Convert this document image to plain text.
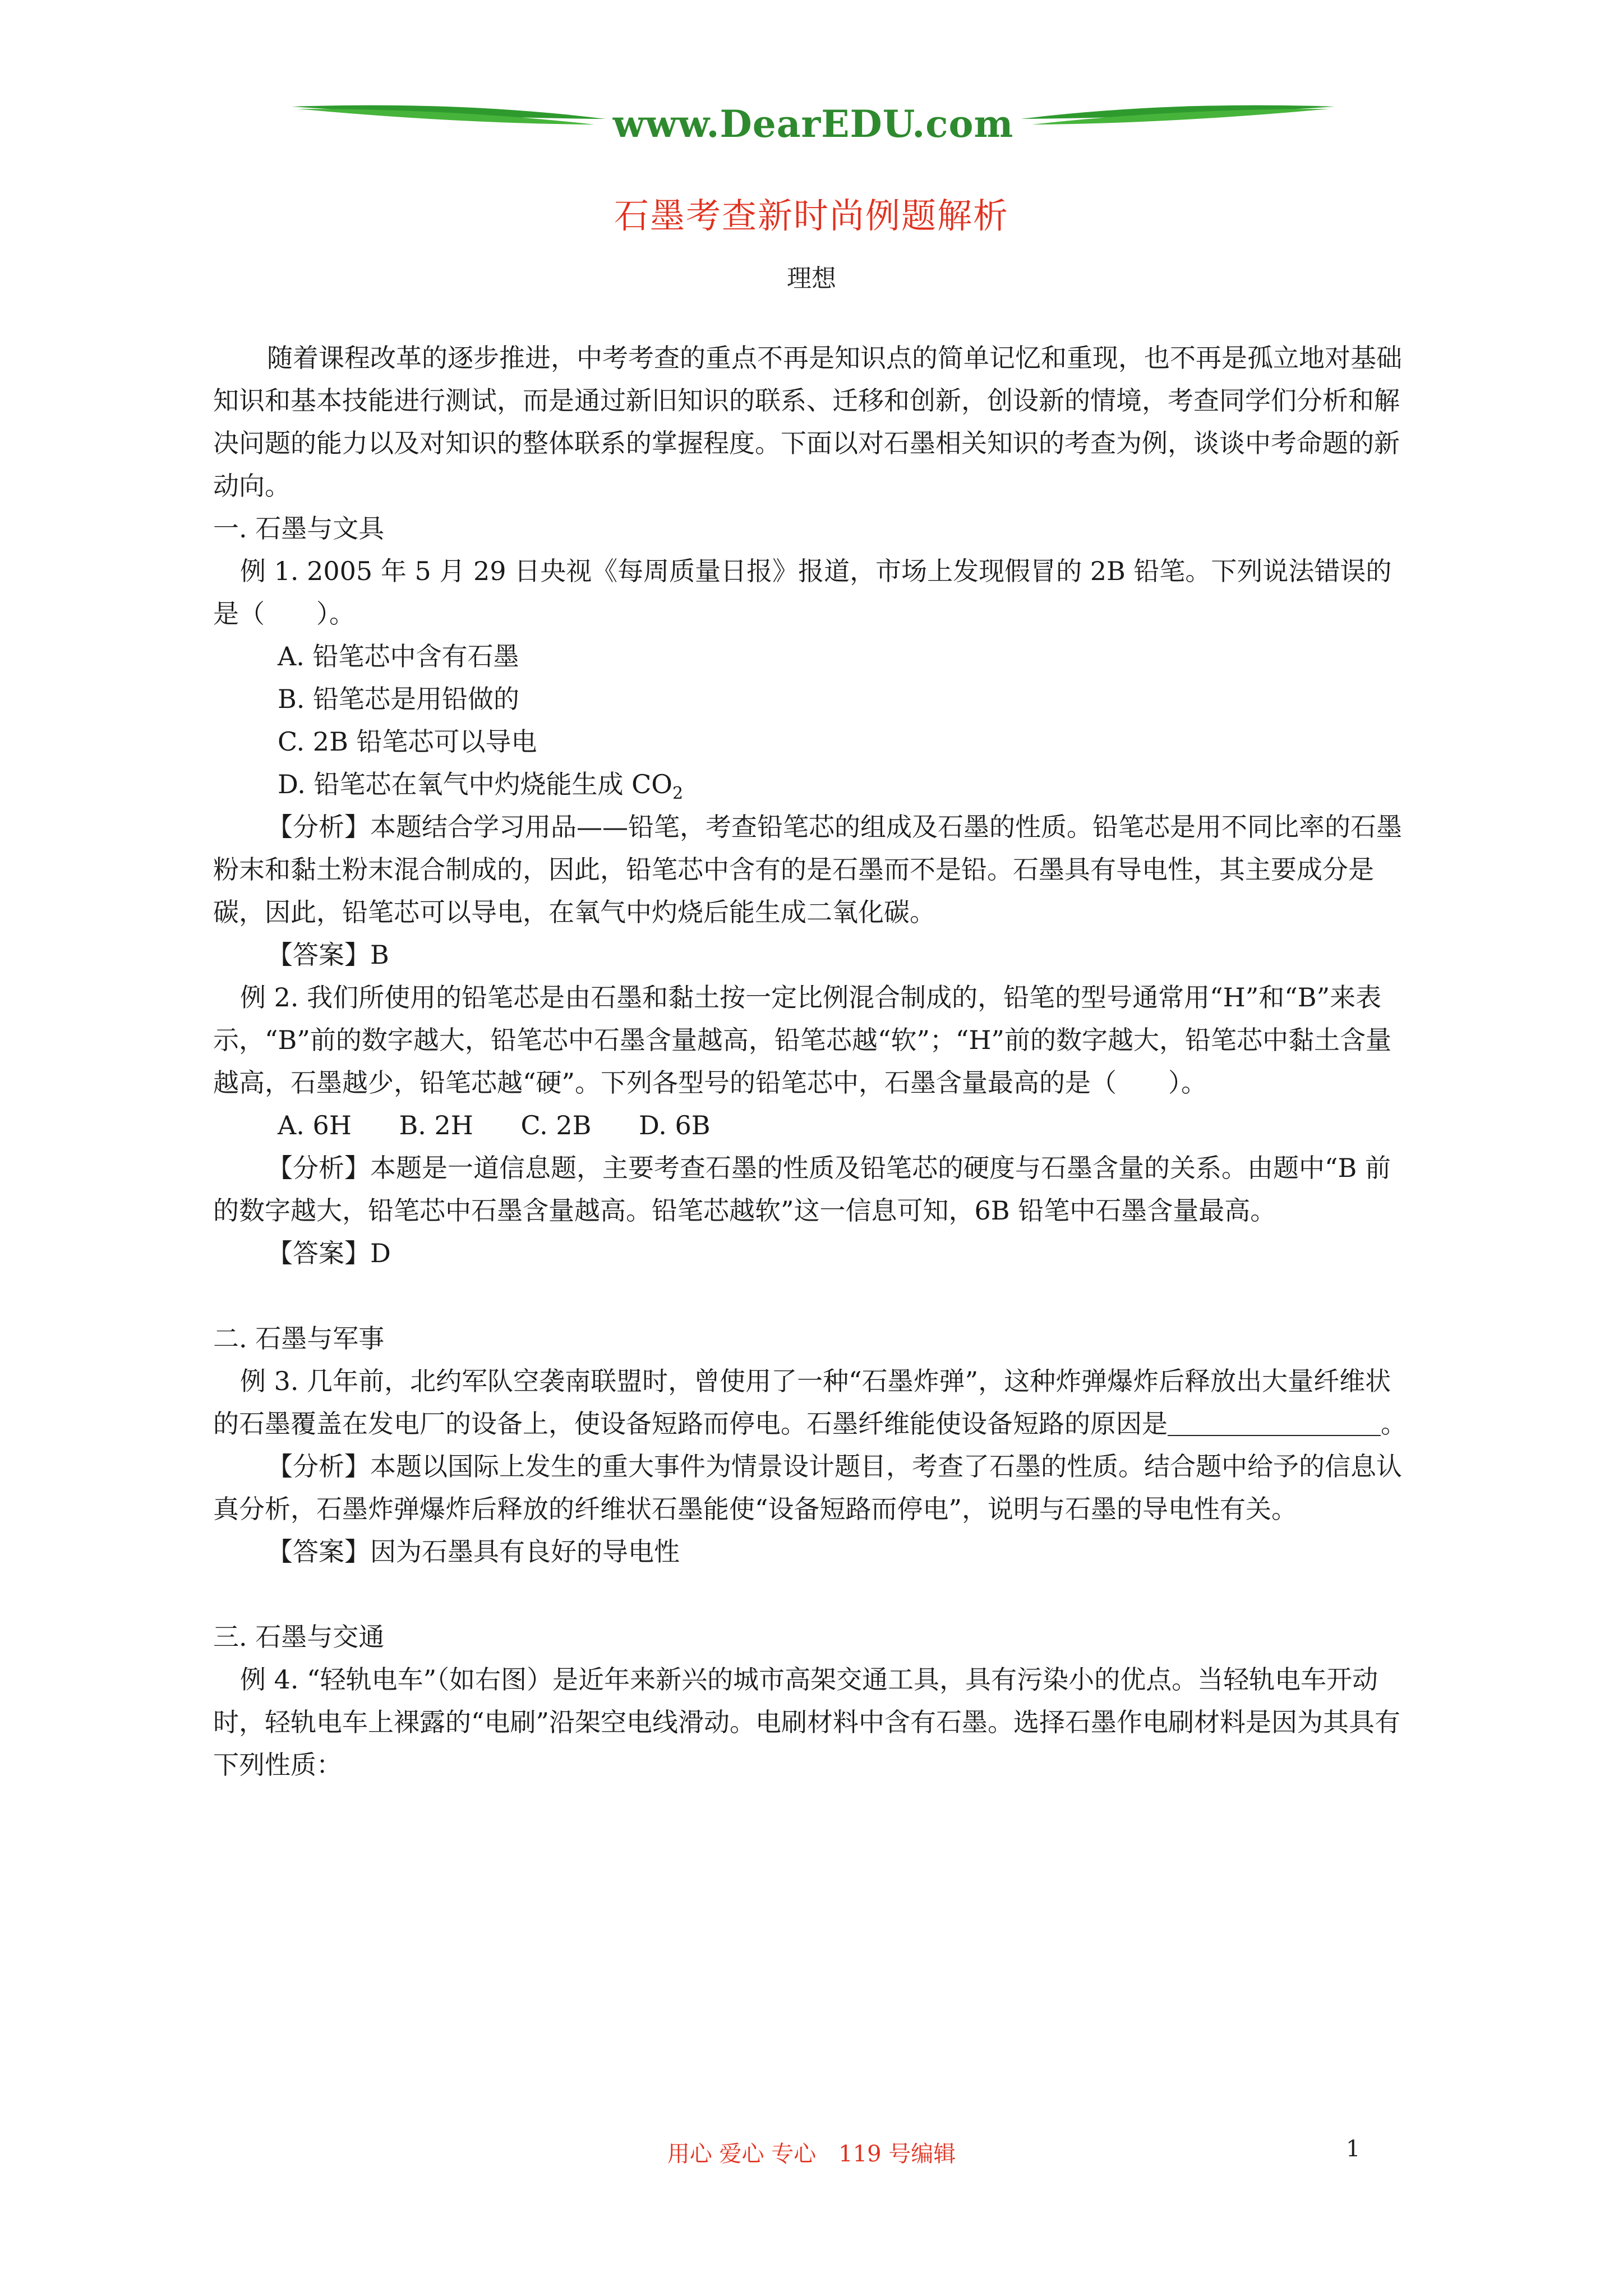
www.DearEDU.com
石墨考查新时尚例题解析
理想

随着课程改革的逐步推进，中考考查的重点不再是知识点的简单记忆和重现，也不再是孤立地对基础知识和基本技能进行测试，而是通过新旧知识的联系、迁移和创新，创设新的情境，考查同学们分析和解决问题的能力以及对知识的整体联系的掌握程度。下面以对石墨相关知识的考查为例，谈谈中考命题的新动向。

一. 石墨与文具

例 1. 2005 年 5 月 29 日央视《每周质量日报》报道，市场上发现假冒的 2B 铅笔。下列说法错误的是（　　）。

A. 铅笔芯中含有石墨

B. 铅笔芯是用铅做的

C. 2B 铅笔芯可以导电

D. 铅笔芯在氧气中灼烧能生成 $CO_2$

【分析】本题结合学习用品——铅笔，考查铅笔芯的组成及石墨的性质。铅笔芯是用不同比率的石墨粉末和黏土粉末混合制成的，因此，铅笔芯中含有的是石墨而不是铅。石墨具有导电性，其主要成分是碳，因此，铅笔芯可以导电，在氧气中灼烧后能生成二氧化碳。

【答案】B

例 2. 我们所使用的铅笔芯是由石墨和黏土按一定比例混合制成的，铅笔的型号通常用“H”和“B”来表示，“B”前的数字越大，铅笔芯中石墨含量越高，铅笔芯越“软”；“H”前的数字越大，铅笔芯中黏土含量越高，石墨越少，铅笔芯越“硬”。下列各型号的铅笔芯中，石墨含量最高的是（　　）。

A. 6H B. 2H C. 2B D. 6B

【分析】本题是一道信息题，主要考查石墨的性质及铅笔芯的硬度与石墨含量的关系。由题中“B 前的数字越大，铅笔芯中石墨含量越高。铅笔芯越软”这一信息可知，6B 铅笔中石墨含量最高。

【答案】D

二. 石墨与军事

例 3. 几年前，北约军队空袭南联盟时，曾使用了一种“石墨炸弹”，这种炸弹爆炸后释放出大量纤维状的石墨覆盖在发电厂的设备上，使设备短路而停电。石墨纤维能使设备短路的原因是	。

【分析】本题以国际上发生的重大事件为情景设计题目，考查了石墨的性质。结合题中给予的信息认真分析，石墨炸弹爆炸后释放的纤维状石墨能使“设备短路而停电”，说明与石墨的导电性有关。

【答案】因为石墨具有良好的导电性

三. 石墨与交通

例 4. “轻轨电车”（如右图）是近年来新兴的城市高架交通工具，具有污染小的优点。当轻轨电车开动时，轻轨电车上裸露的“电刷”沿架空电线滑动。电刷材料中含有石墨。选择石墨作电刷材料是因为其具有下列性质：

用心 爱心 专心　119 号编辑	1
